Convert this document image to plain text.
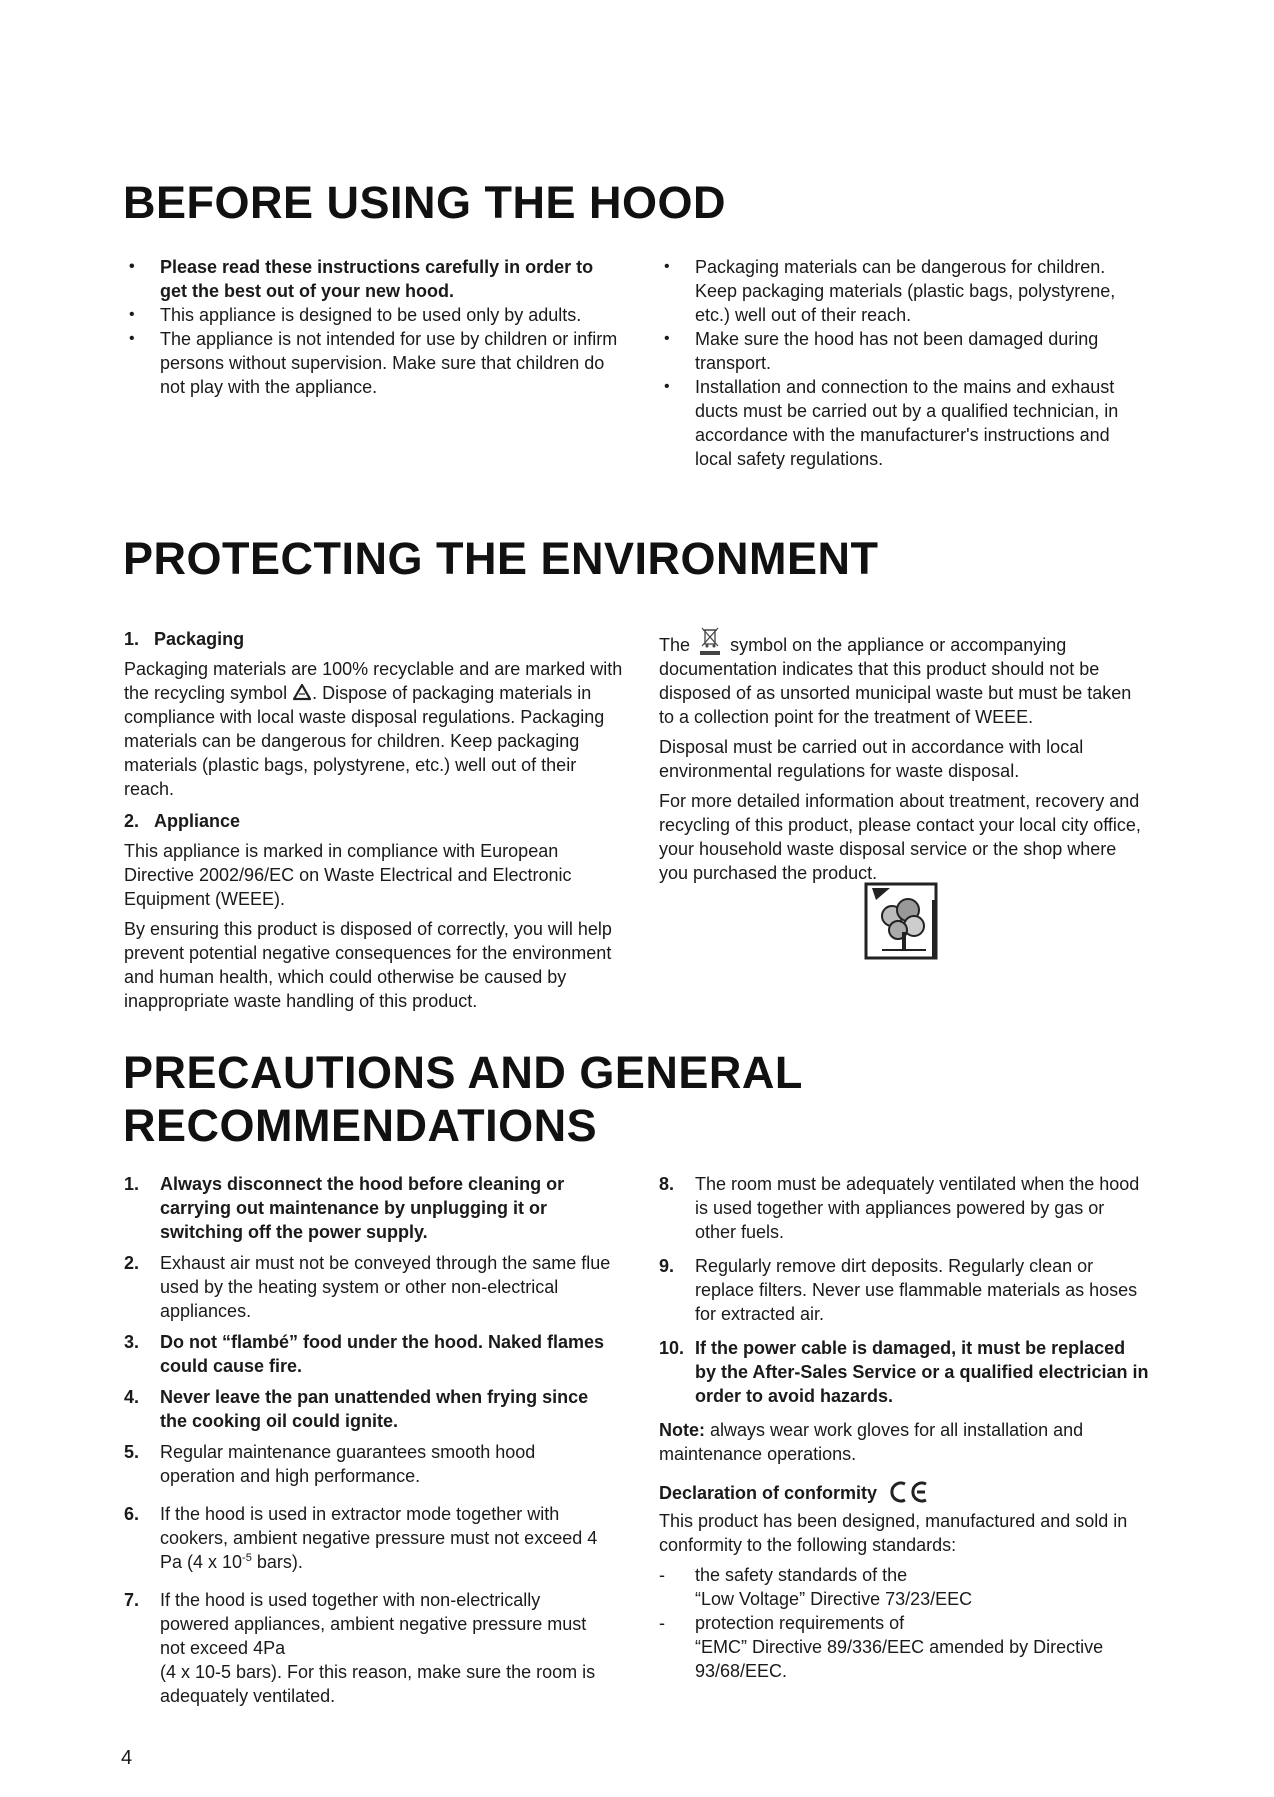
BEFORE USING THE HOOD
• Please read these instructions carefully in order to get the best out of your new hood.
• This appliance is designed to be used only by adults.
• The appliance is not intended for use by children or infirm persons without supervision. Make sure that children do not play with the appliance.
• Packaging materials can be dangerous for children. Keep packaging materials (plastic bags, polystyrene, etc.) well out of their reach.
• Make sure the hood has not been damaged during transport.
• Installation and connection to the mains and exhaust ducts must be carried out by a qualified technician, in accordance with the manufacturer's instructions and local safety regulations.
PROTECTING THE ENVIRONMENT

1. Packaging

Packaging materials are 100% recyclable and are marked with the recycling symbol . Dispose of packaging materials in compliance with local waste disposal regulations. Packaging materials can be dangerous for children. Keep packaging materials (plastic bags, polystyrene, etc.) well out of their reach.

2. Appliance

This appliance is marked in compliance with European Directive 2002/96/EC on Waste Electrical and Electronic Equipment (WEEE).

By ensuring this product is disposed of correctly, you will help prevent potential negative consequences for the environment and human health, which could otherwise be caused by inappropriate waste handling of this product.

The symbol on the appliance or accompanying documentation indicates that this product should not be disposed of as unsorted municipal waste but must be taken to a collection point for the treatment of WEEE.

Disposal must be carried out in accordance with local environmental regulations for waste disposal.

For more detailed information about treatment, recovery and recycling of this product, please contact your local city office, your household waste disposal service or the shop where you purchased the product.

PRECAUTIONS AND GENERAL
RECOMMENDATIONS
1. Always disconnect the hood before cleaning or carrying out maintenance by unplugging it or switching off the power supply.
2. Exhaust air must not be conveyed through the same flue used by the heating system or other non-electrical appliances.
3. Do not “flambé” food under the hood. Naked flames could cause fire.
4. Never leave the pan unattended when frying since the cooking oil could ignite.
5. Regular maintenance guarantees smooth hood operation and high performance.
6. If the hood is used in extractor mode together with cookers, ambient negative pressure must not exceed 4 Pa (4 x $10^{-5}$ bars).
7. If the hood is used together with non-electrically powered appliances, ambient negative pressure must not exceed 4Pa
(4 x 10-5 bars). For this reason, make sure the room is adequately ventilated.
8. The room must be adequately ventilated when the hood is used together with appliances powered by gas or other fuels.
9. Regularly remove dirt deposits. Regularly clean or replace filters. Never use flammable materials as hoses for extracted air.
10. If the power cable is damaged, it must be replaced by the After-Sales Service or a qualified electrician in order to avoid hazards.

Note: always wear work gloves for all installation and maintenance operations.

Declaration of conformity

This product has been designed, manufactured and sold in conformity to the following standards:

- the safety standards of the
“Low Voltage” Directive 73/23/EEC
- protection requirements of
“EMC” Directive 89/336/EEC amended by Directive 93/68/EEC.
4
